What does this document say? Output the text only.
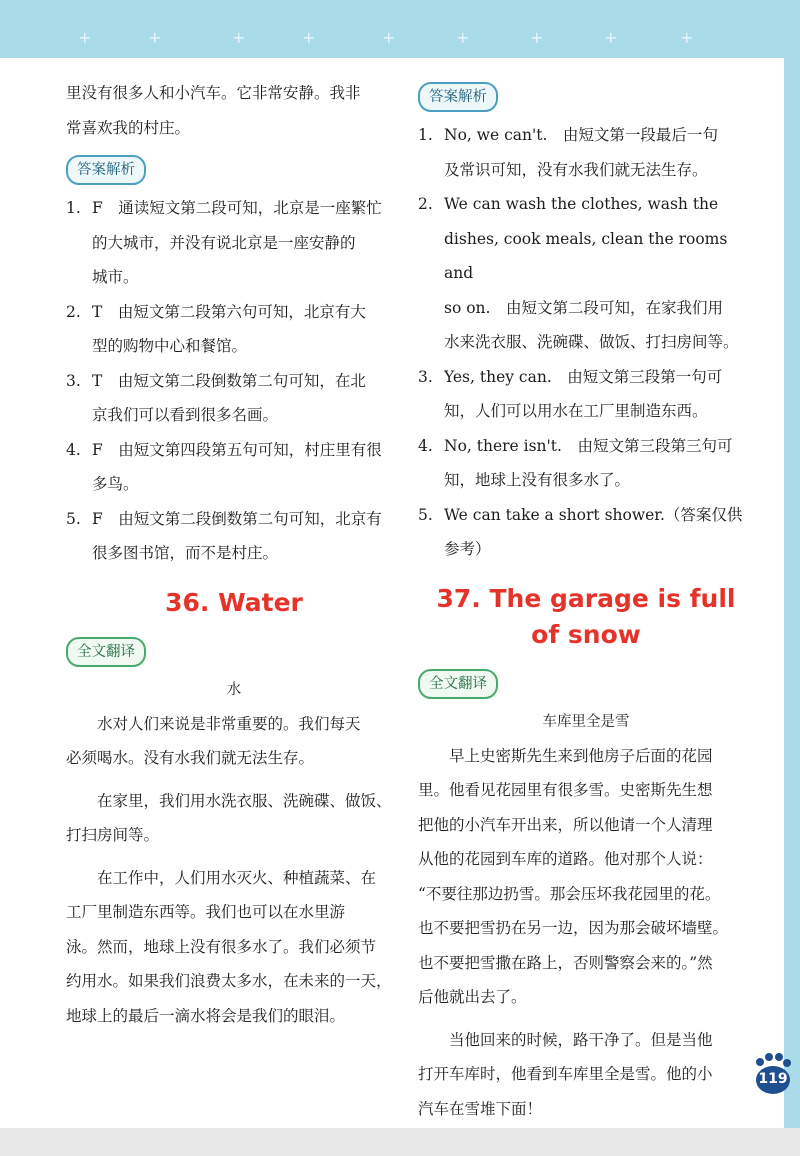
+	+	+	+	+	+	+	+	+

里没有很多人和小汽车。它非常安静。我非

常喜欢我的村庄。

答案解析
1. F　通读短文第二段可知，北京是一座繁忙
的大城市，并没有说北京是一座安静的
城市。
2. T　由短文第二段第六句可知，北京有大
型的购物中心和餐馆。
3. T　由短文第二段倒数第二句可知，在北
京我们可以看到很多名画。
4. F　由短文第四段第五句可知，村庄里有很
多鸟。
5. F　由短文第二段倒数第二句可知，北京有
很多图书馆，而不是村庄。
36. Water
全文翻译
水

水对人们来说是非常重要的。我们每天

必须喝水。没有水我们就无法生存。

在家里，我们用水洗衣服、洗碗碟、做饭、

打扫房间等。

在工作中，人们用水灭火、种植蔬菜、在

工厂里制造东西等。我们也可以在水里游

泳。然而，地球上没有很多水了。我们必须节

约用水。如果我们浪费太多水，在未来的一天，

地球上的最后一滴水将会是我们的眼泪。

答案解析
1. No, we can't.　由短文第一段最后一句
及常识可知，没有水我们就无法生存。
2. We can wash the clothes, wash the
dishes, cook meals, clean the rooms and
so on.　由短文第二段可知，在家我们用
水来洗衣服、洗碗碟、做饭、打扫房间等。
3. Yes, they can.　由短文第三段第一句可
知，人们可以用水在工厂里制造东西。
4. No, there isn't.　由短文第三段第三句可
知，地球上没有很多水了。
5. We can take a short shower.（答案仅供
参考）
37. The garage is full
of snow
全文翻译
车库里全是雪

早上史密斯先生来到他房子后面的花园

里。他看见花园里有很多雪。史密斯先生想

把他的小汽车开出来，所以他请一个人清理

从他的花园到车库的道路。他对那个人说：

“不要往那边扔雪。那会压坏我花园里的花。

也不要把雪扔在另一边，因为那会破坏墙壁。

也不要把雪撒在路上，否则警察会来的。”然

后他就出去了。

当他回来的时候，路干净了。但是当他

打开车库时，他看到车库里全是雪。他的小

汽车在雪堆下面！

119
